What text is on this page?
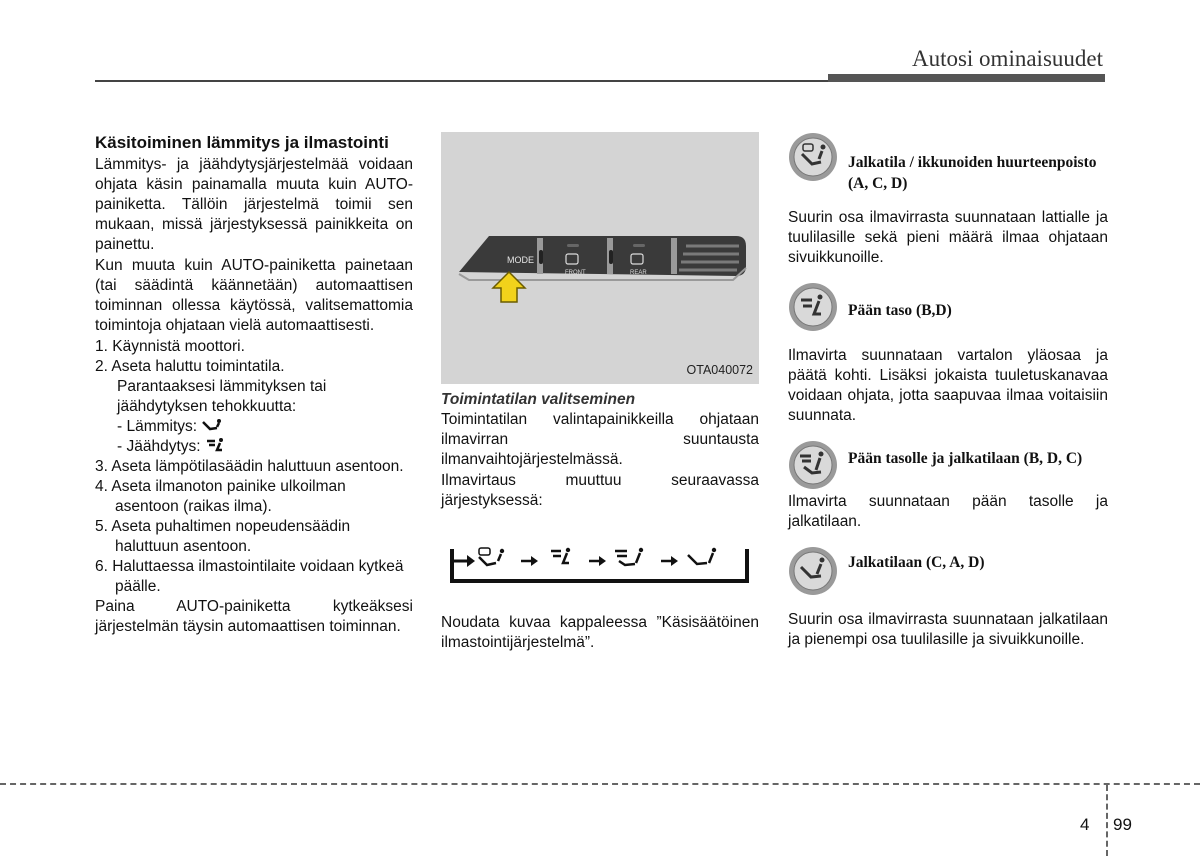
Autosi ominaisuudet
Käsitoiminen lämmitys ja ilmastointi

Lämmitys- ja jäähdytysjärjestelmää voidaan ohjata käsin painamalla muuta kuin AUTO-painiketta. Tällöin järjestelmä toimii sen mukaan, missä järjestyksessä painikkeita on painettu.

Kun muuta kuin AUTO-painiketta painetaan (tai säädintä käännetään) automaattisen toiminnan ollessa käytössä, valitsemattomia toimintoja ohjataan vielä automaattisesti.

1. Käynnistä moottori.

2. Aseta haluttu toimintatila.

Parantaaksesi lämmityksen tai jäähdytyksen tehokkuutta:

- Lämmitys:

- Jäähdytys:

3. Aseta lämpötilasäädin haluttuun asentoon.

4. Aseta ilmanoton painike ulkoilman asentoon (raikas ilma).

5. Aseta puhaltimen nopeudensäädin haluttuun asentoon.

6. Haluttaessa ilmastointilaite voidaan kytkeä päälle.

Paina AUTO-painiketta kytkeäksesi järjestelmän täysin automaattisen toiminnan.

MODE
FRONT	REAR
OTA040072
Toimintatilan valitseminen

Toimintatilan valintapainikkeilla ohjataan ilmavirran suuntausta ilmanvaihtojärjestelmässä.

Ilmavirtaus muuttuu seuraavassa järjestyksessä:

Noudata kuvaa kappaleessa ”Käsisäätöinen ilmastointijärjestelmä”.

Jalkatila / ikkunoiden huurteenpoisto (A, C, D)

Suurin osa ilmavirrasta suunnataan lattialle ja tuulilasille sekä pieni määrä ilmaa ohjataan sivuikkunoille.

Pään taso (B,D)

Ilmavirta suunnataan vartalon yläosaa ja päätä kohti. Lisäksi jokaista tuuletuskanavaa voidaan ohjata, jotta saapuvaa ilmaa voitaisiin suunnata.

Pään tasolle ja jalkatilaan (B, D, C)

Ilmavirta suunnataan pään tasolle ja jalkatilaan.

Jalkatilaan (C, A, D)

Suurin osa ilmavirrasta suunnataan jalkatilaan ja pienempi osa tuulilasille ja sivuikkunoille.

4 99
